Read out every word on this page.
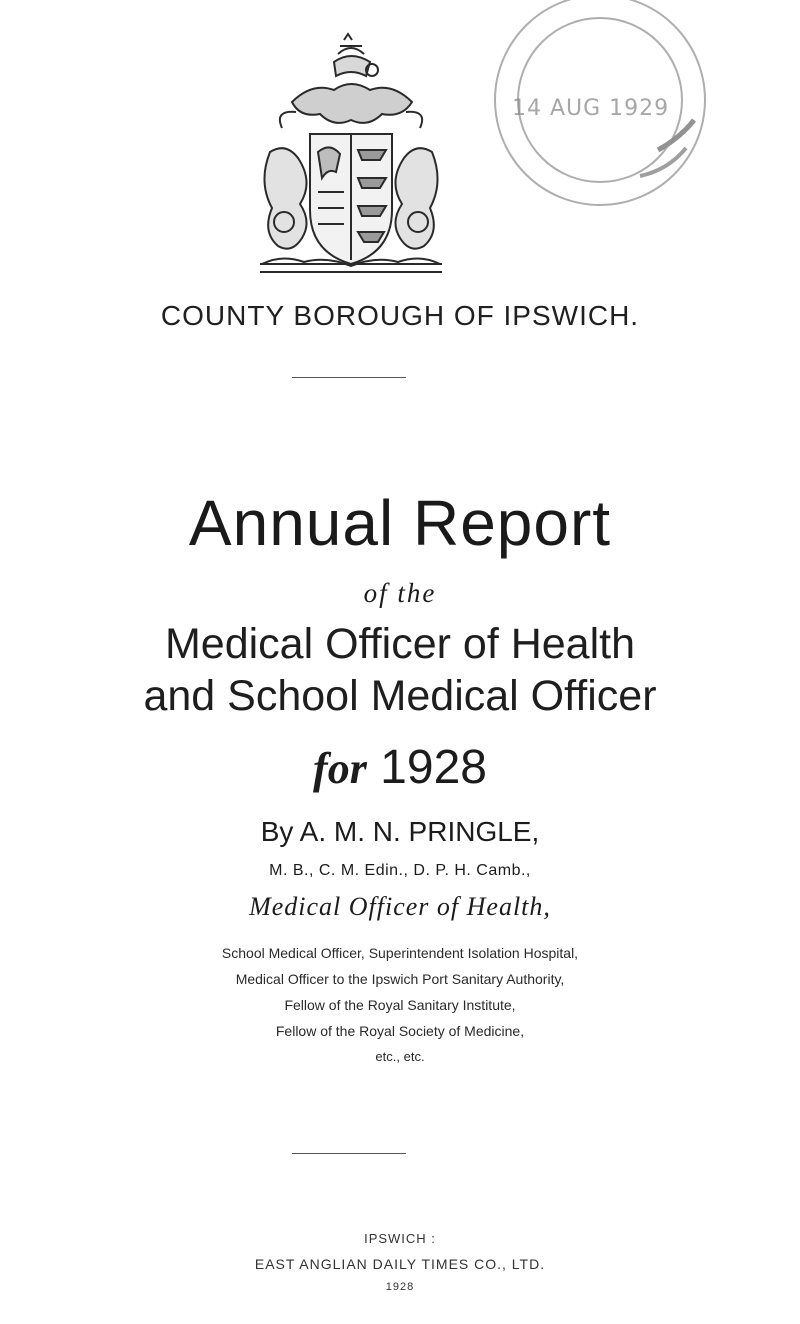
14 AUG 1929
COUNTY BOROUGH OF IPSWICH.
Annual Report
of the
Medical Officer of Health
and School Medical Officer
for 1928
By A. M. N. PRINGLE,
M. B., C. M. Edin., D. P. H. Camb.,
Medical Officer of Health,
School Medical Officer, Superintendent Isolation Hospital,
Medical Officer to the Ipswich Port Sanitary Authority,
Fellow of the Royal Sanitary Institute,
Fellow of the Royal Society of Medicine,
etc., etc.
IPSWICH :
EAST ANGLIAN DAILY TIMES CO., LTD.
1928
